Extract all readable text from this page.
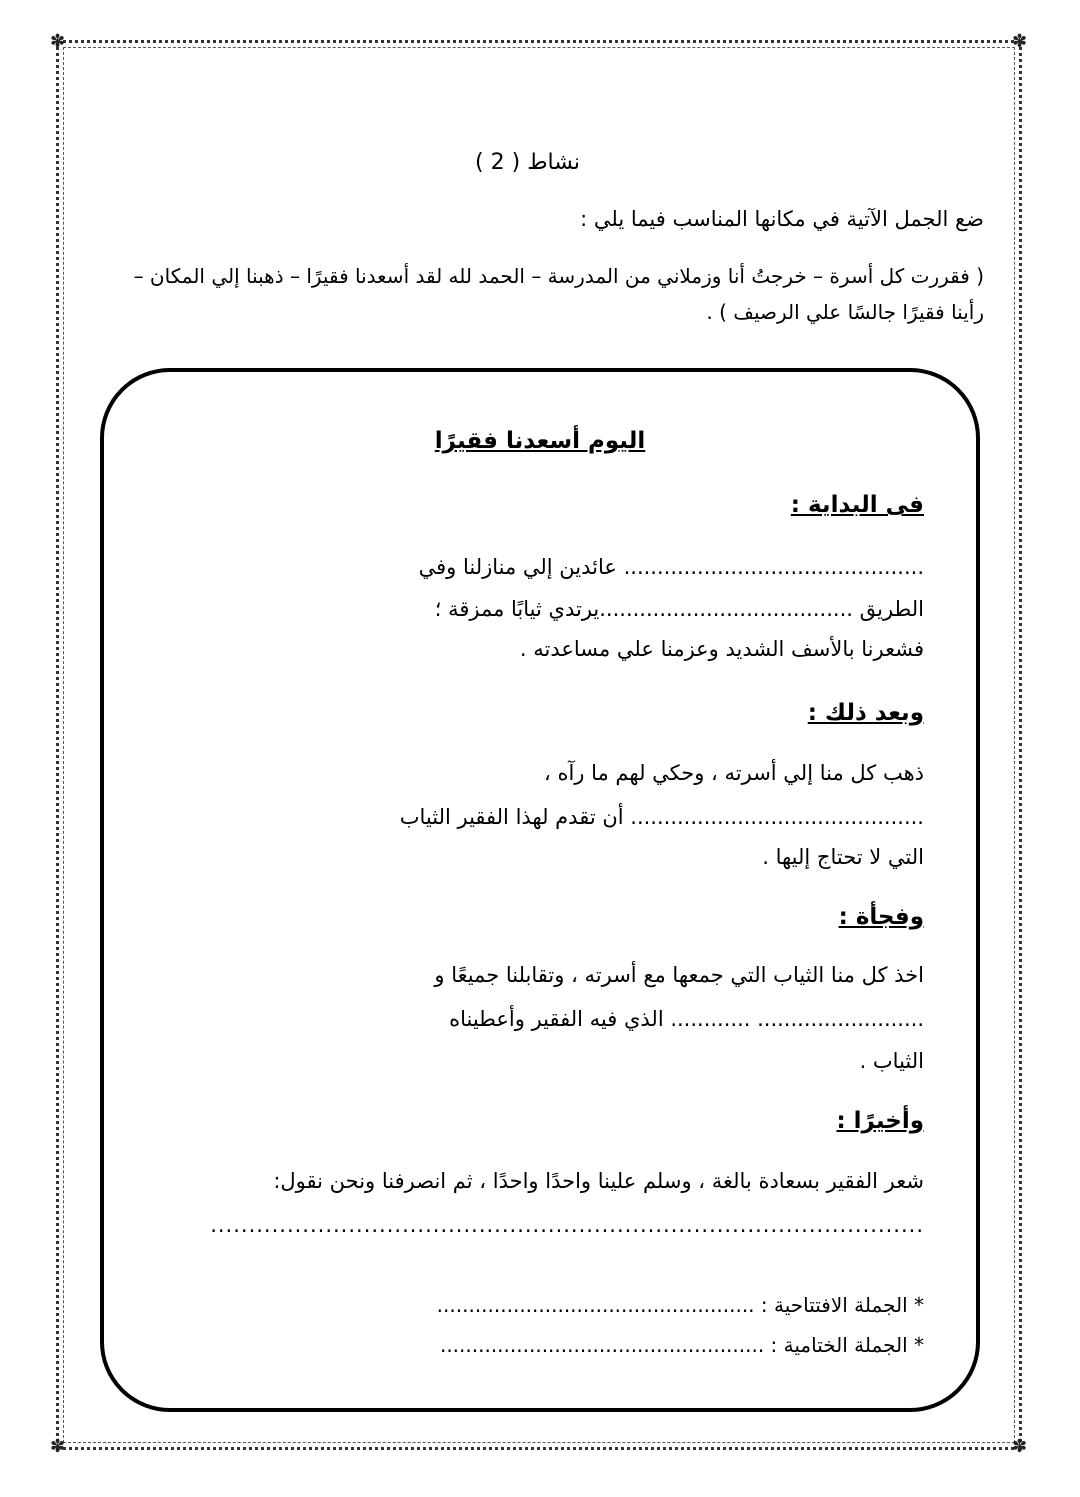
✽	✽
✽	✽
نشاط ( 2 )
ضع الجمل الآتية في مكانها المناسب فيما يلي :
( فقررت كل أسرة – خرجتُ أنا وزملاني من المدرسة – الحمد لله لقد أسعدنا فقيرًا – ذهبنا إلي المكان – رأينا فقيرًا جالسًا علي الرصيف ) .
اليوم أسعدنا فقيرًا
فى البداية :
............................................. عائدين إلي منازلنا وفي
الطريق ......................................يرتدي ثيابًا ممزقة ؛
فشعرنا بالأسف الشديد وعزمنا علي مساعدته .
وبعد ذلك :
ذهب كل منا إلي أسرته ، وحكي لهم ما رآه ،
............................................ أن تقدم لهذا الفقير الثياب
التي لا تحتاج إليها .
وفجأة :
اخذ كل منا الثياب التي جمعها مع أسرته ، وتقابلنا جميعًا و
......................... ............ الذي فيه الفقير وأعطيناه
الثياب .
وأخيرًا :
شعر الفقير بسعادة بالغة ، وسلم علينا واحدًا واحدًا ، ثم انصرفنا ونحن نقول:
.............................................................................................
* الجملة الافتتاحية : ..................................................
* الجملة الختامية : ...................................................
